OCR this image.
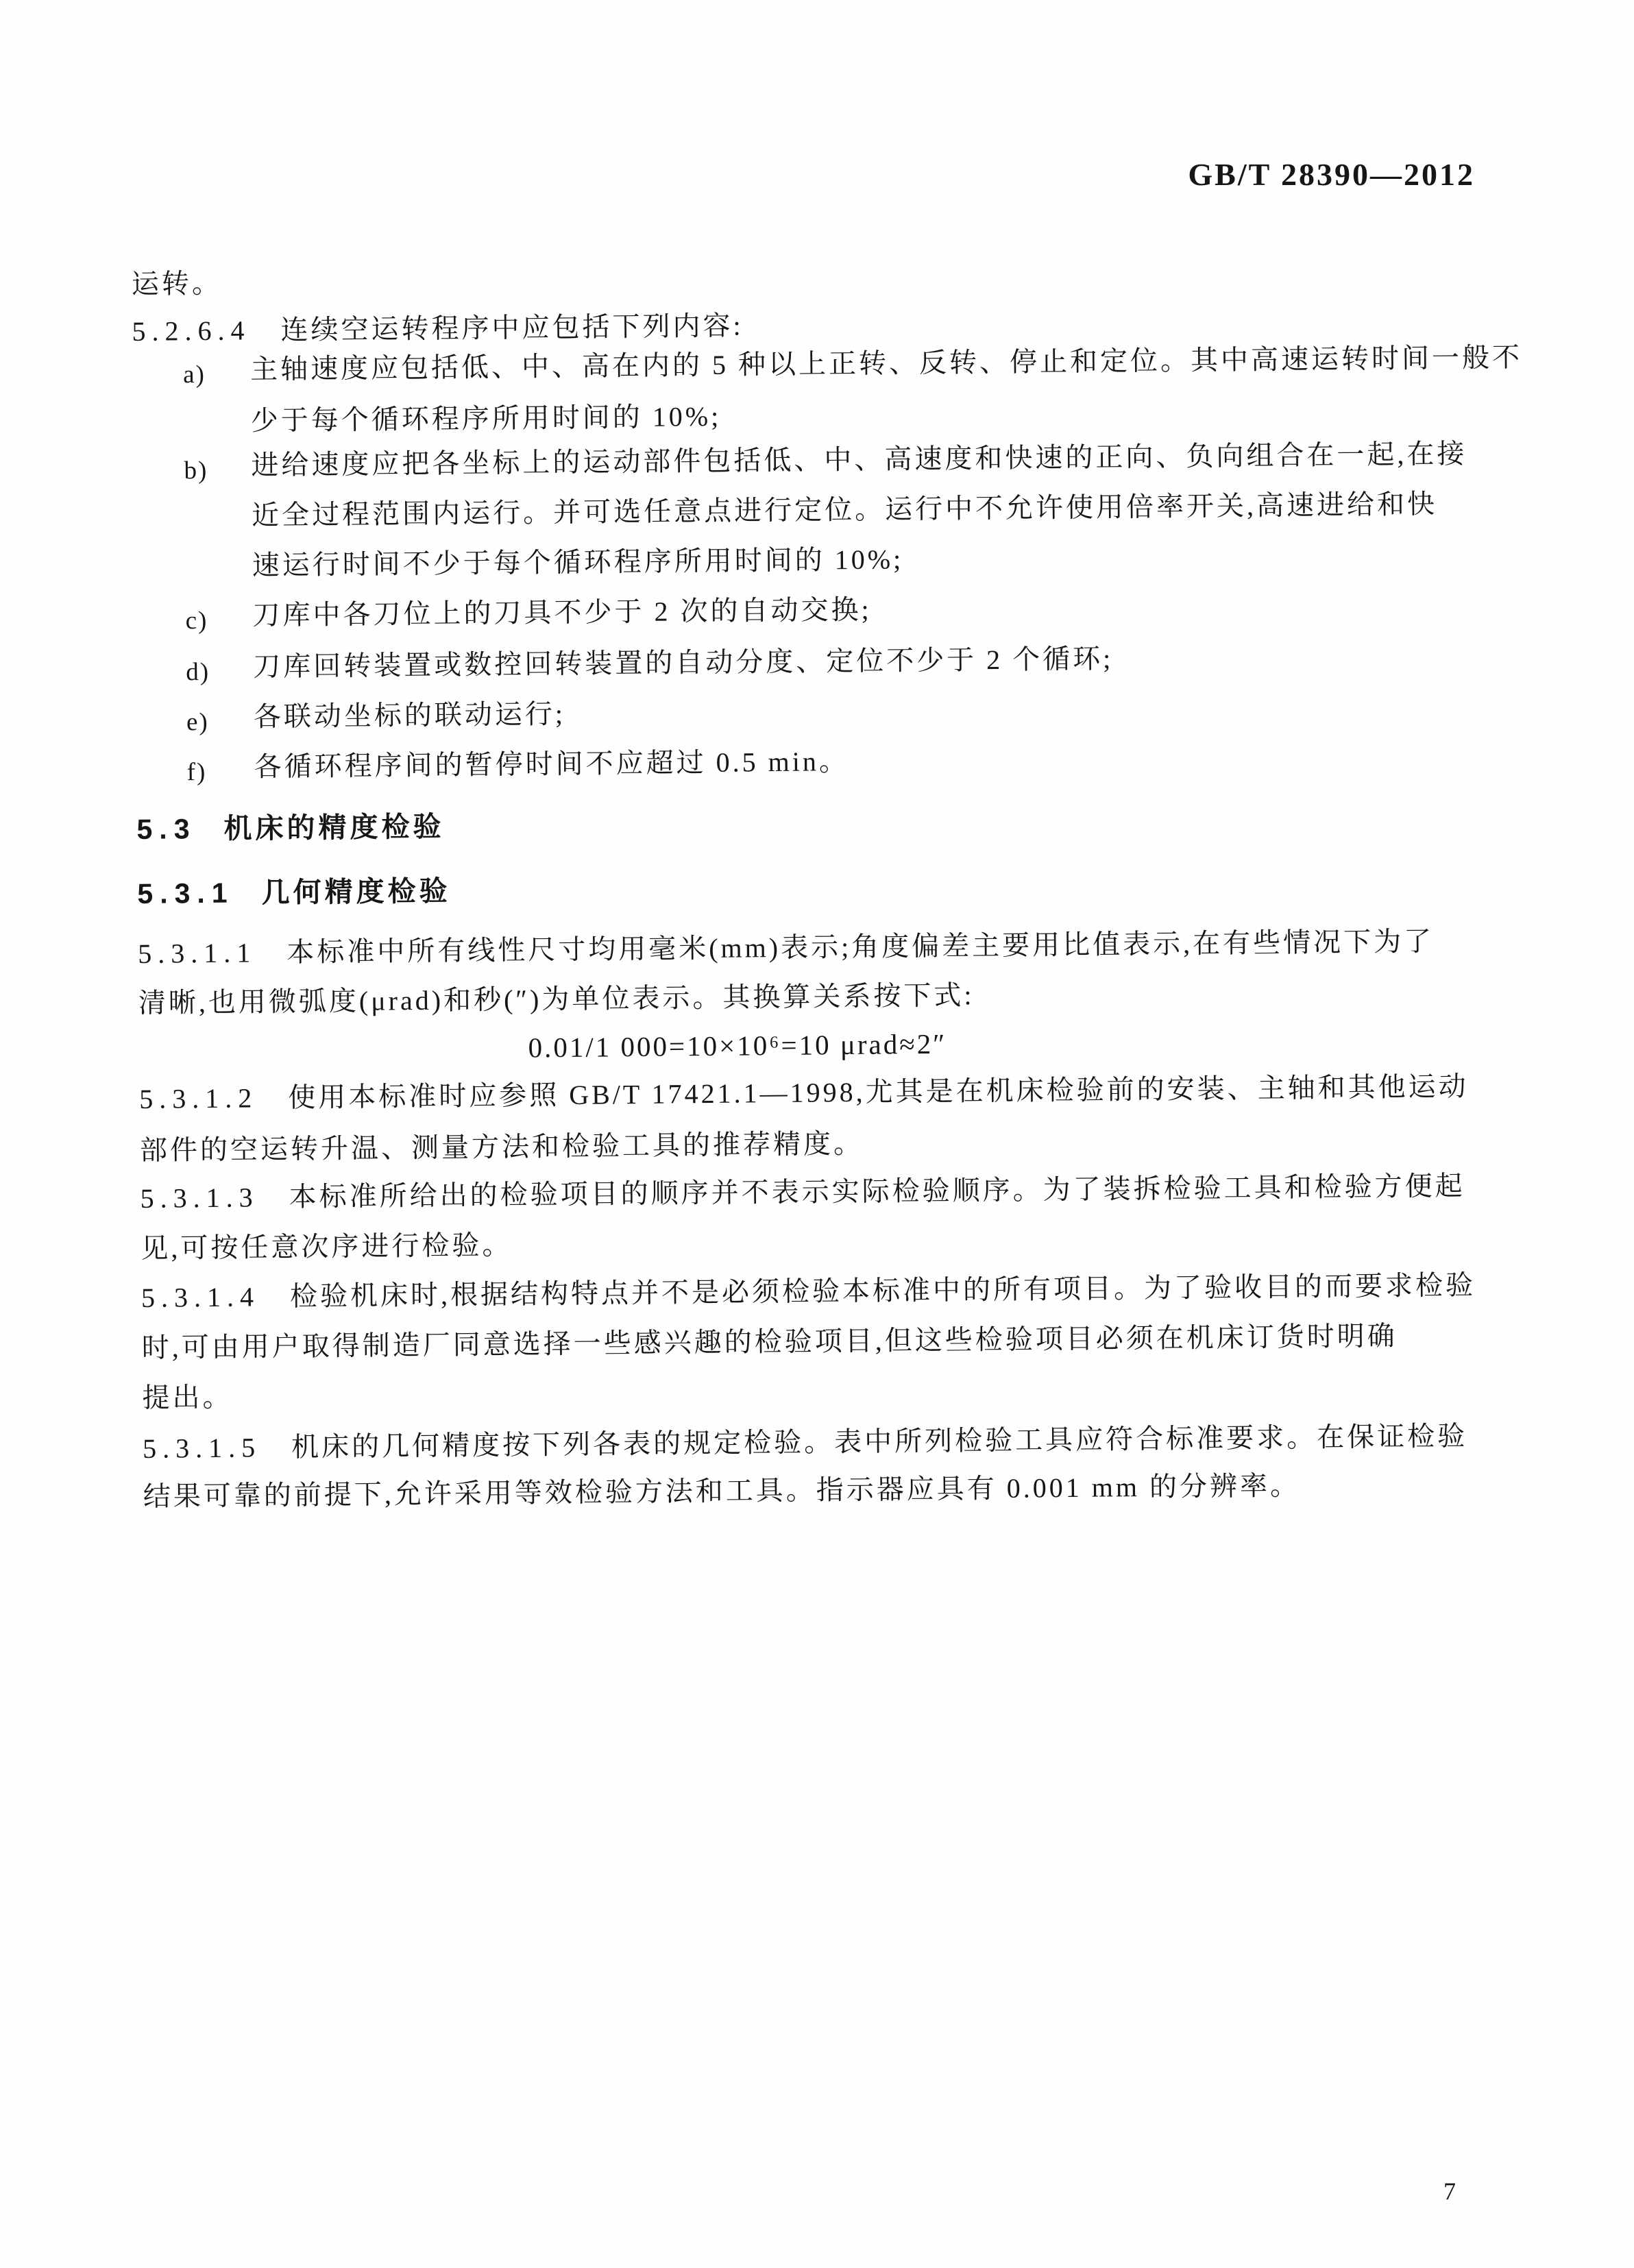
GB/T 28390—2012
运转。
5.2.6.4 连续空运转程序中应包括下列内容:
a) 主轴速度应包括低、中、高在内的 5 种以上正转、反转、停止和定位。其中高速运转时间一般不
少于每个循环程序所用时间的 10%;
b) 进给速度应把各坐标上的运动部件包括低、中、高速度和快速的正向、负向组合在一起,在接
近全过程范围内运行。并可选任意点进行定位。运行中不允许使用倍率开关,高速进给和快
速运行时间不少于每个循环程序所用时间的 10%;
c) 刀库中各刀位上的刀具不少于 2 次的自动交换;
d) 刀库回转装置或数控回转装置的自动分度、定位不少于 2 个循环;
e) 各联动坐标的联动运行;
f) 各循环程序间的暂停时间不应超过 0.5 min。
5.3 机床的精度检验
5.3.1 几何精度检验
5.3.1.1 本标准中所有线性尺寸均用毫米(mm)表示;角度偏差主要用比值表示,在有些情况下为了
清晰,也用微弧度(μrad)和秒(″)为单位表示。其换算关系按下式:
0.01/1 000=10×10⁶=10 μrad≈2″
5.3.1.2 使用本标准时应参照 GB/T 17421.1—1998,尤其是在机床检验前的安装、主轴和其他运动
部件的空运转升温、测量方法和检验工具的推荐精度。
5.3.1.3 本标准所给出的检验项目的顺序并不表示实际检验顺序。为了装拆检验工具和检验方便起
见,可按任意次序进行检验。
5.3.1.4 检验机床时,根据结构特点并不是必须检验本标准中的所有项目。为了验收目的而要求检验
时,可由用户取得制造厂同意选择一些感兴趣的检验项目,但这些检验项目必须在机床订货时明确
提出。
5.3.1.5 机床的几何精度按下列各表的规定检验。表中所列检验工具应符合标准要求。在保证检验
结果可靠的前提下,允许采用等效检验方法和工具。指示器应具有 0.001 mm 的分辨率。
7
